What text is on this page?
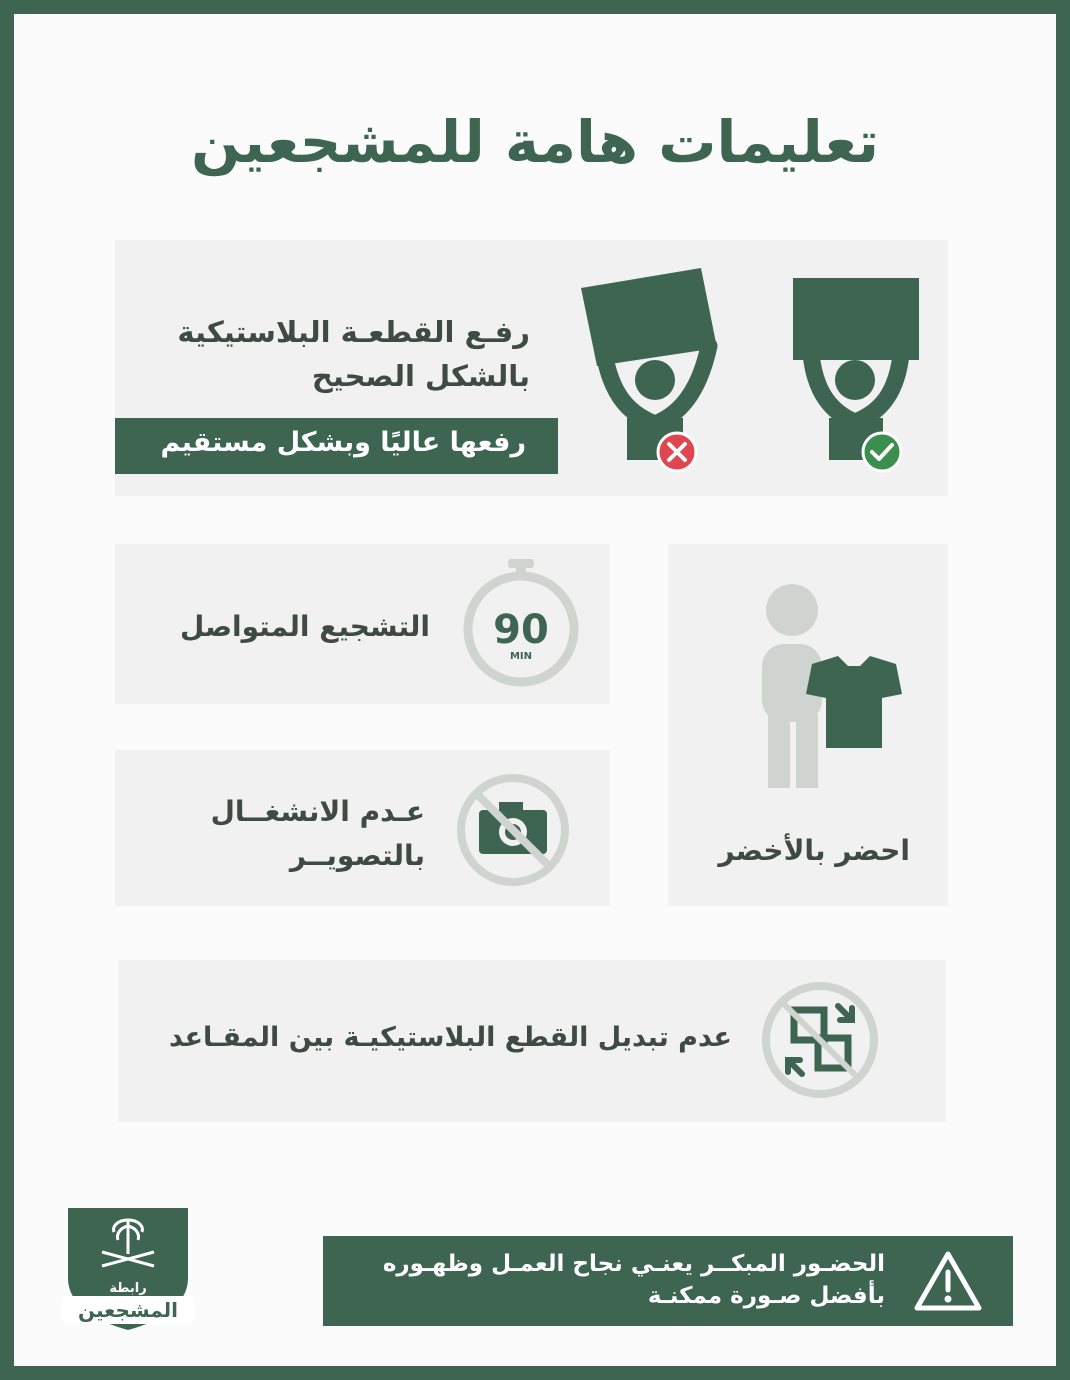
تعليمات هامة للمشجعين
رفـع القطعـة البلاستيكية
بالشكل الصحيح
رفعها عاليًا وبشكل مستقيم
التشجيع المتواصل 90
MIN
احضر بالأخضر
عـدم الانشغــال
بالتصويــر
عدم تبديل القطع البلاستيكيـة بين المقـاعد
رابطة
المشجعين
الحضـور المبكــر يعنـي نجاح العمـل وظهـوره
بأفضل صـورة ممكنـة
